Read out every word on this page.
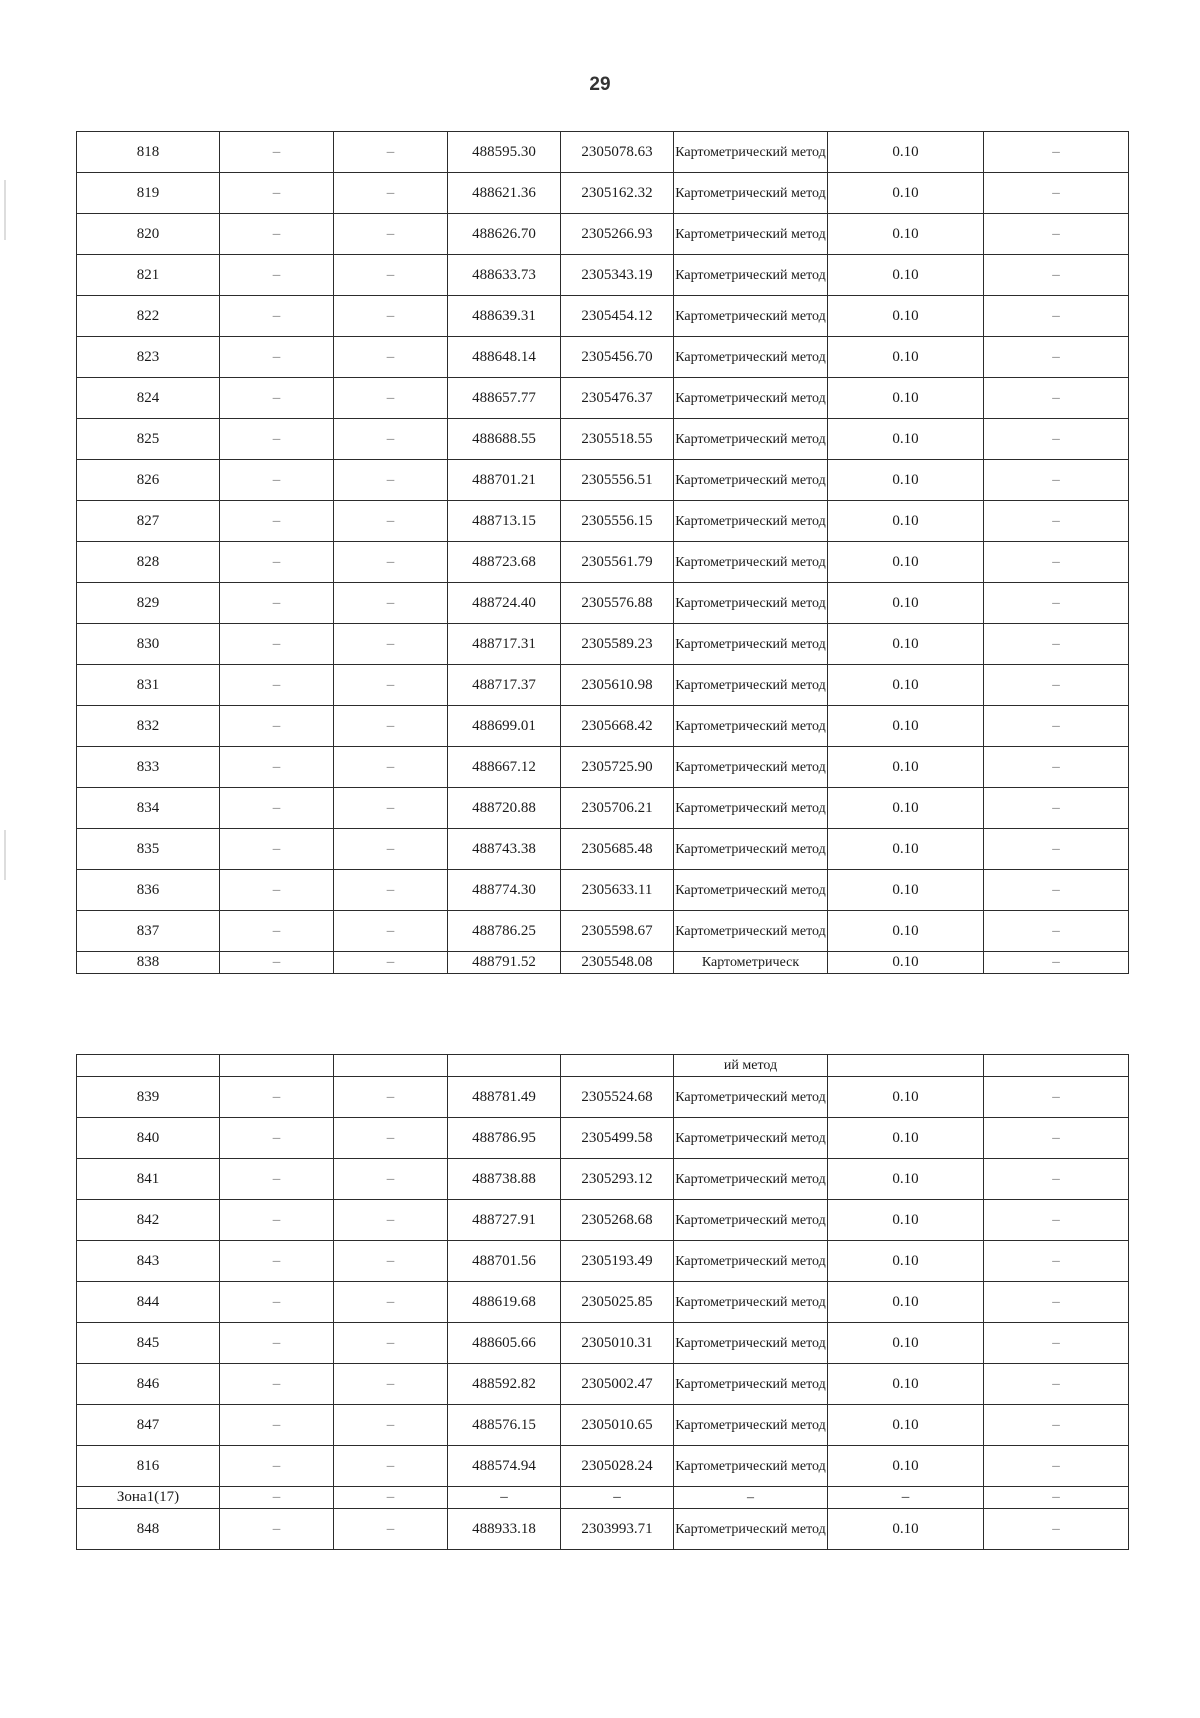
29
818	–	–	488595.30	2305078.63	Картометрический метод	0.10	–
819	–	–	488621.36	2305162.32	Картометрический метод	0.10	–
820	–	–	488626.70	2305266.93	Картометрический метод	0.10	–
821	–	–	488633.73	2305343.19	Картометрический метод	0.10	–
822	–	–	488639.31	2305454.12	Картометрический метод	0.10	–
823	–	–	488648.14	2305456.70	Картометрический метод	0.10	–
824	–	–	488657.77	2305476.37	Картометрический метод	0.10	–
825	–	–	488688.55	2305518.55	Картометрический метод	0.10	–
826	–	–	488701.21	2305556.51	Картометрический метод	0.10	–
827	–	–	488713.15	2305556.15	Картометрический метод	0.10	–
828	–	–	488723.68	2305561.79	Картометрический метод	0.10	–
829	–	–	488724.40	2305576.88	Картометрический метод	0.10	–
830	–	–	488717.31	2305589.23	Картометрический метод	0.10	–
831	–	–	488717.37	2305610.98	Картометрический метод	0.10	–
832	–	–	488699.01	2305668.42	Картометрический метод	0.10	–
833	–	–	488667.12	2305725.90	Картометрический метод	0.10	–
834	–	–	488720.88	2305706.21	Картометрический метод	0.10	–
835	–	–	488743.38	2305685.48	Картометрический метод	0.10	–
836	–	–	488774.30	2305633.11	Картометрический метод	0.10	–
837	–	–	488786.25	2305598.67	Картометрический метод	0.10	–
838	–	–	488791.52	2305548.08	Картометрическ	0.10	–
					ий метод		
839	–	–	488781.49	2305524.68	Картометрический метод	0.10	–
840	–	–	488786.95	2305499.58	Картометрический метод	0.10	–
841	–	–	488738.88	2305293.12	Картометрический метод	0.10	–
842	–	–	488727.91	2305268.68	Картометрический метод	0.10	–
843	–	–	488701.56	2305193.49	Картометрический метод	0.10	–
844	–	–	488619.68	2305025.85	Картометрический метод	0.10	–
845	–	–	488605.66	2305010.31	Картометрический метод	0.10	–
846	–	–	488592.82	2305002.47	Картометрический метод	0.10	–
847	–	–	488576.15	2305010.65	Картометрический метод	0.10	–
816	–	–	488574.94	2305028.24	Картометрический метод	0.10	–
Зона1(17)	–	–	–	–	–	–	–
848	–	–	488933.18	2303993.71	Картометрический метод	0.10	–
